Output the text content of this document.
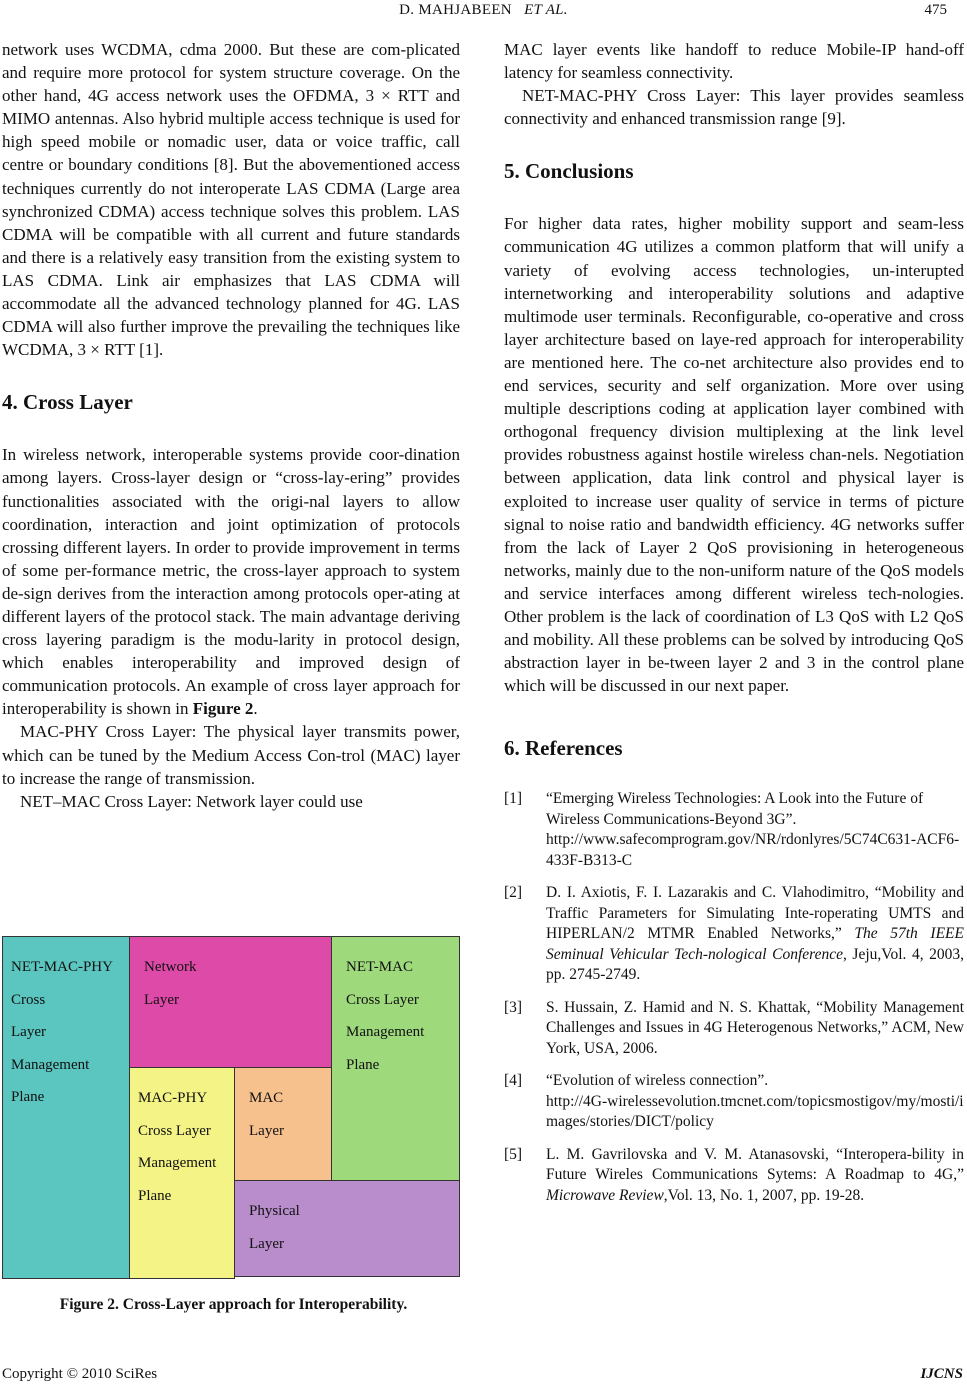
D. MAHJABEEN ET AL.	475

network uses WCDMA, cdma 2000. But these are com-plicated and require more protocol for system structure coverage. On the other hand, 4G access network uses the OFDMA, 3 × RTT and MIMO antennas. Also hybrid multiple access technique is used for high speed mobile or nomadic user, data or voice traffic, call centre or boundary conditions [8]. But the abovementioned access techniques currently do not interoperate LAS CDMA (Large area synchronized CDMA) access technique solves this problem. LAS CDMA will be compatible with all current and future standards and there is a relatively easy transition from the existing system to LAS CDMA. Link air emphasizes that LAS CDMA will accommodate all the advanced technology planned for 4G. LAS CDMA will also further improve the prevailing the techniques like WCDMA, 3 × RTT [1].

4. Cross Layer

In wireless network, interoperable systems provide coor-dination among layers. Cross-layer design or “cross-lay-ering” provides functionalities associated with the origi-nal layers to allow coordination, interaction and joint optimization of protocols crossing different layers. In order to provide improvement in terms of some per-formance metric, the cross-layer approach to system de-sign derives from the interaction among protocols oper-ating at different layers of the protocol stack. The main advantage deriving cross layering paradigm is the modu-larity in protocol design, which enables interoperability and improved design of communication protocols. An example of cross layer approach for interoperability is shown in Figure 2.

MAC-PHY Cross Layer: The physical layer transmits power, which can be tuned by the Medium Access Con-trol (MAC) layer to increase the range of transmission.

NET–MAC Cross Layer: Network layer could use

NET-MAC-PHY
Cross
Layer
Management
Plane
Network
Layer
NET-MAC
Cross Layer
Management
Plane
MAC-PHY
Cross Layer
Management
Plane
MAC
Layer
Physical
Layer
Figure 2. Cross-Layer approach for Interoperability.

MAC layer events like handoff to reduce Mobile-IP hand-off latency for seamless connectivity.

NET-MAC-PHY Cross Layer: This layer provides seamless connectivity and enhanced transmission range [9].

5. Conclusions

For higher data rates, higher mobility support and seam-less communication 4G utilizes a common platform that will unify a variety of evolving access technologies, un-interupted internetworking and interoperability solutions and adaptive multimode user terminals. Reconfigurable, co-operative and cross layer architecture based on laye-red approach for interoperability are mentioned here. The co-net architecture also provides end to end services, security and self organization. More over using multiple descriptions coding at application layer combined with orthogonal frequency division multiplexing at the link level provides robustness against hostile wireless chan-nels. Negotiation between application, data link control and physical layer is exploited to increase user quality of service in terms of picture signal to noise ratio and bandwidth efficiency. 4G networks suffer from the lack of Layer 2 QoS provisioning in heterogeneous networks, mainly due to the non-uniform nature of the QoS models and service interfaces among different wireless tech-nologies. Other problem is the lack of coordination of L3 QoS with L2 QoS and mobility. All these problems can be solved by introducing QoS abstraction layer in be-tween layer 2 and 3 in the control plane which will be discussed in our next paper.

6. References
[1]	“Emerging Wireless Technologies: A Look into the Future of Wireless Communications-Beyond 3G”.
http://www.safecomprogram.gov/NR/rdonlyres/5C74C631-ACF6-433F-B313-C
[2]	D. I. Axiotis, F. I. Lazarakis and C. Vlahodimitro, “Mobility and Traffic Parameters for Simulating Inte-roperating UMTS and HIPERLAN/2 MTMR Enabled Networks,” The 57th IEEE Seminual Vehicular Tech-nological Conference, Jeju,Vol. 4, 2003, pp. 2745-2749.
[3]	S. Hussain, Z. Hamid and N. S. Khattak, “Mobility Management Challenges and Issues in 4G Heterogenous Networks,” ACM, New York, USA, 2006.
[4]	“Evolution of wireless connection”.
http://4G-wirelessevolution.tmcnet.com/topicsmostigov/my/mosti/images/stories/DICT/policy
[5]	L. M. Gavrilovska and V. M. Atanasovski, “Interopera-bility in Future Wireles Communications Sytems: A Roadmap to 4G,” Microwave Review,Vol. 13, No. 1, 2007, pp. 19-28.
Copyright © 2010 SciRes	IJCNS
